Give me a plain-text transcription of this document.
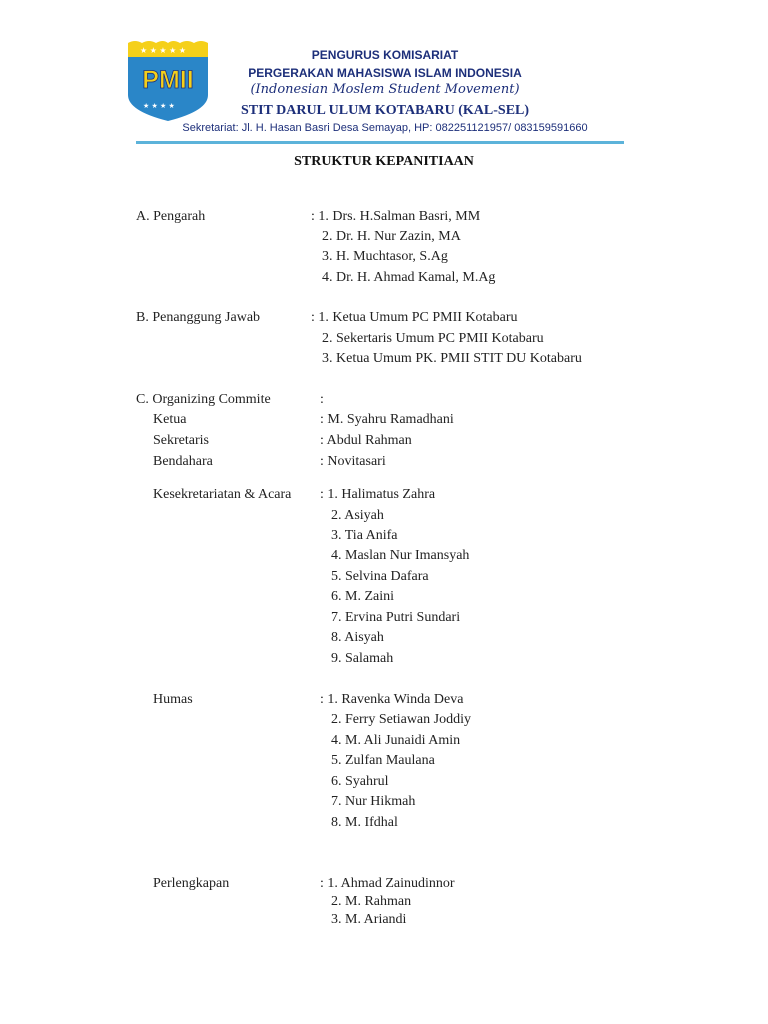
★ ★ ★ ★ ★
PMII
★ ★ ★ ★
PENGURUS KOMISARIAT
PERGERAKAN MAHASISWA ISLAM INDONESIA
(Indonesian Moslem Student Movement)
STIT DARUL ULUM KOTABARU (KAL-SEL)
Sekretariat: Jl. H. Hasan Basri Desa Semayap, HP: 082251121957/ 083159591660
STRUKTUR KEPANITIAAN
A. Pengarah	: 1. Drs. H.Salman Basri, MM
2. Dr. H. Nur Zazin, MA
3. H. Muchtasor, S.Ag
4. Dr. H. Ahmad Kamal, M.Ag
B. Penanggung Jawab	: 1. Ketua Umum PC PMII Kotabaru
2. Sekertaris Umum PC PMII Kotabaru
3. Ketua Umum PK. PMII STIT DU Kotabaru
C. Organizing Commite	:
Ketua	: M. Syahru Ramadhani
Sekretaris	: Abdul Rahman
Bendahara	: Novitasari
Kesekretariatan & Acara : 1. Halimatus Zahra
2. Asiyah
3. Tia Anifa
4. Maslan Nur Imansyah
5. Selvina Dafara
6. M. Zaini
7. Ervina Putri Sundari
8. Aisyah
9. Salamah
Humas	: 1. Ravenka Winda Deva
2. Ferry Setiawan Joddiy
4. M. Ali Junaidi Amin
5. Zulfan Maulana
6. Syahrul
7. Nur Hikmah
8. M. Ifdhal
Perlengkapan	: 1. Ahmad Zainudinnor
2. M. Rahman
3. M. Ariandi
